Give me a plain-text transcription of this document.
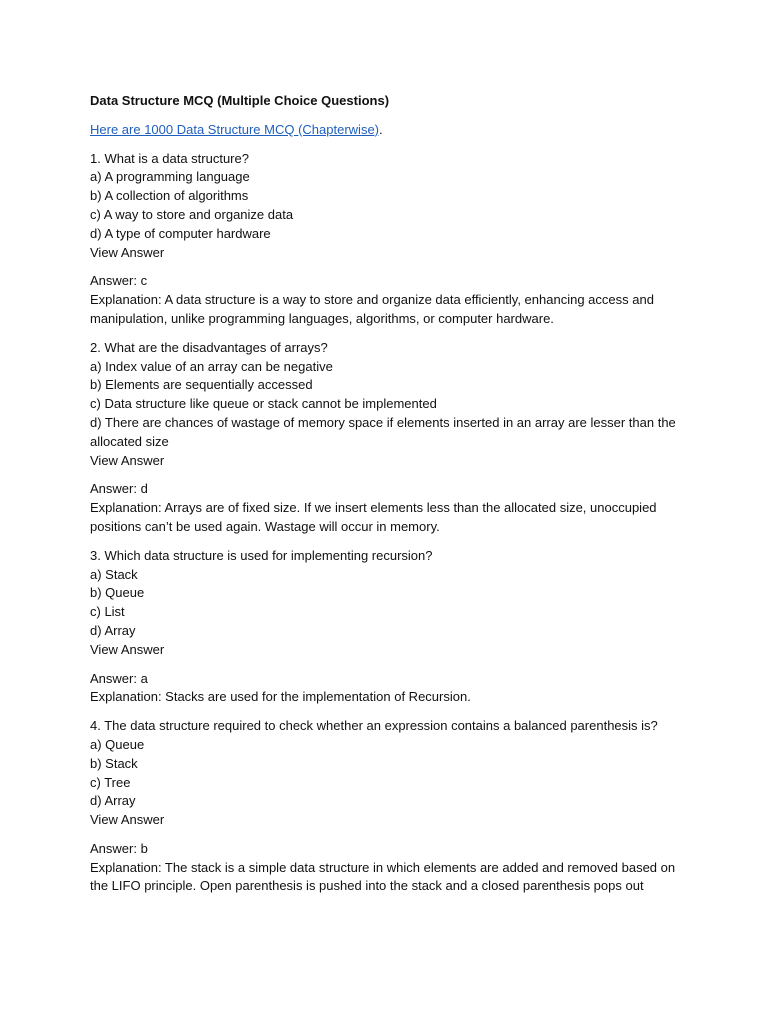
Data Structure MCQ (Multiple Choice Questions)
Here are 1000 Data Structure MCQ (Chapterwise).
1. What is a data structure?
a) A programming language
b) A collection of algorithms
c) A way to store and organize data
d) A type of computer hardware
View Answer
Answer: c
Explanation: A data structure is a way to store and organize data efficiently, enhancing access and manipulation, unlike programming languages, algorithms, or computer hardware.
2. What are the disadvantages of arrays?
a) Index value of an array can be negative
b) Elements are sequentially accessed
c) Data structure like queue or stack cannot be implemented
d) There are chances of wastage of memory space if elements inserted in an array are lesser than the allocated size
View Answer
Answer: d
Explanation: Arrays are of fixed size. If we insert elements less than the allocated size, unoccupied positions can’t be used again. Wastage will occur in memory.
3. Which data structure is used for implementing recursion?
a) Stack
b) Queue
c) List
d) Array
View Answer
Answer: a
Explanation: Stacks are used for the implementation of Recursion.
4. The data structure required to check whether an expression contains a balanced parenthesis is?
a) Queue
b) Stack
c) Tree
d) Array
View Answer
Answer: b
Explanation: The stack is a simple data structure in which elements are added and removed based on the LIFO principle. Open parenthesis is pushed into the stack and a closed parenthesis pops out
